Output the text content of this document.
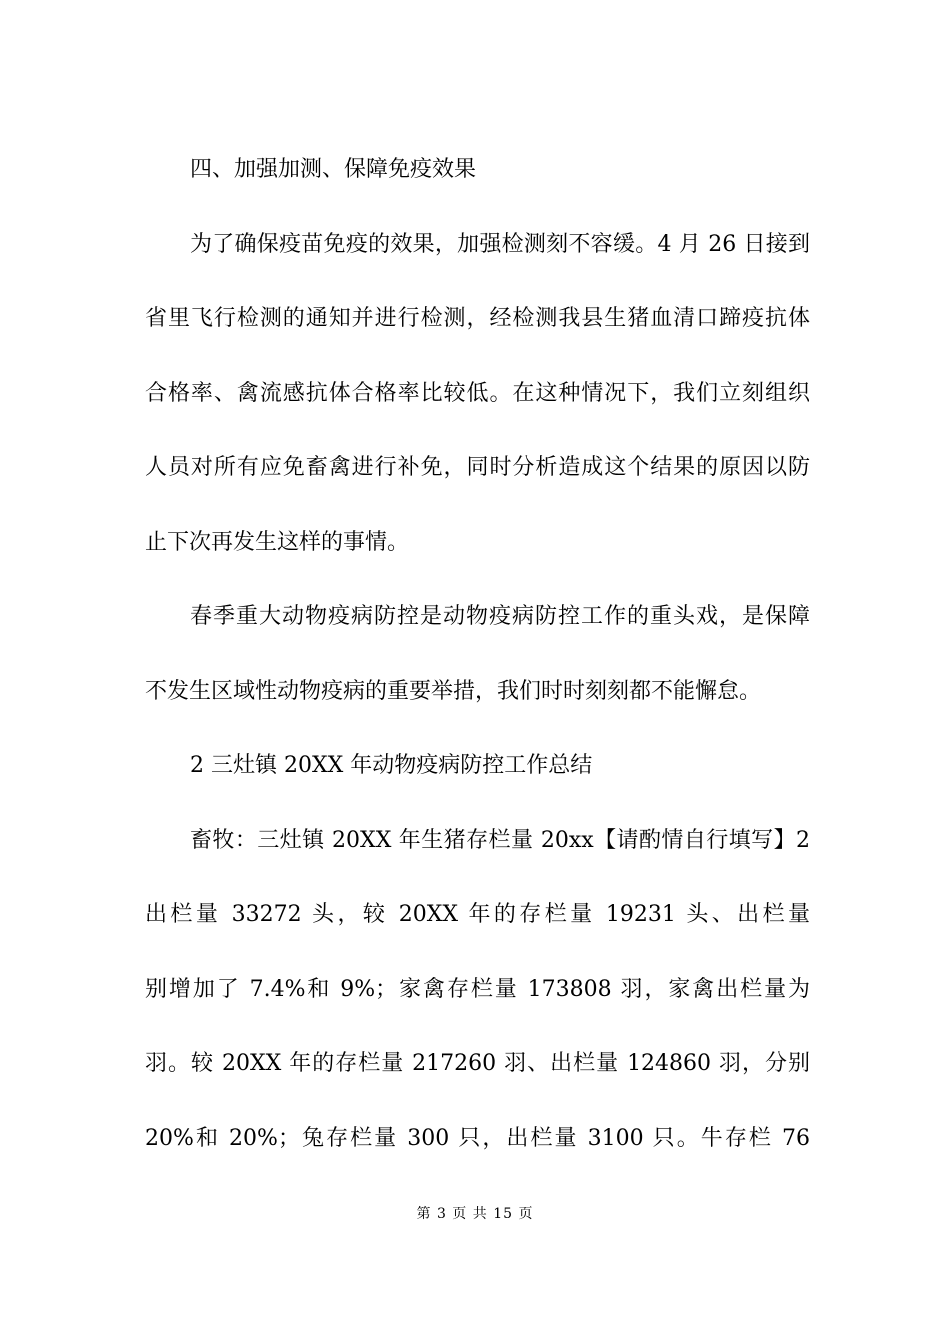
四、加强加测、保障免疫效果
为了确保疫苗免疫的效果，加强检测刻不容缓。4 月 26 日接到
省里飞行检测的通知并进行检测，经检测我县生猪血清口蹄疫抗体
合格率、禽流感抗体合格率比较低。在这种情况下，我们立刻组织
人员对所有应免畜禽进行补免，同时分析造成这个结果的原因以防
止下次再发生这样的事情。
春季重大动物疫病防控是动物疫病防控工作的重头戏，是保障
不发生区域性动物疫病的重要举措，我们时时刻刻都不能懈怠。
2 三灶镇 20XX 年动物疫病防控工作总结
畜牧：三灶镇 20XX 年生猪存栏量 20xx【请酌情自行填写】2
出栏量 33272 头，较 20XX 年的存栏量 19231 头、出栏量
别增加了 7.4%和 9%；家禽存栏量 173808 羽，家禽出栏量为
羽。较 20XX 年的存栏量 217260 羽、出栏量 124860 羽，分别
20%和 20%；兔存栏量 300 只，出栏量 3100 只。牛存栏 76
第 3 页 共 15 页
